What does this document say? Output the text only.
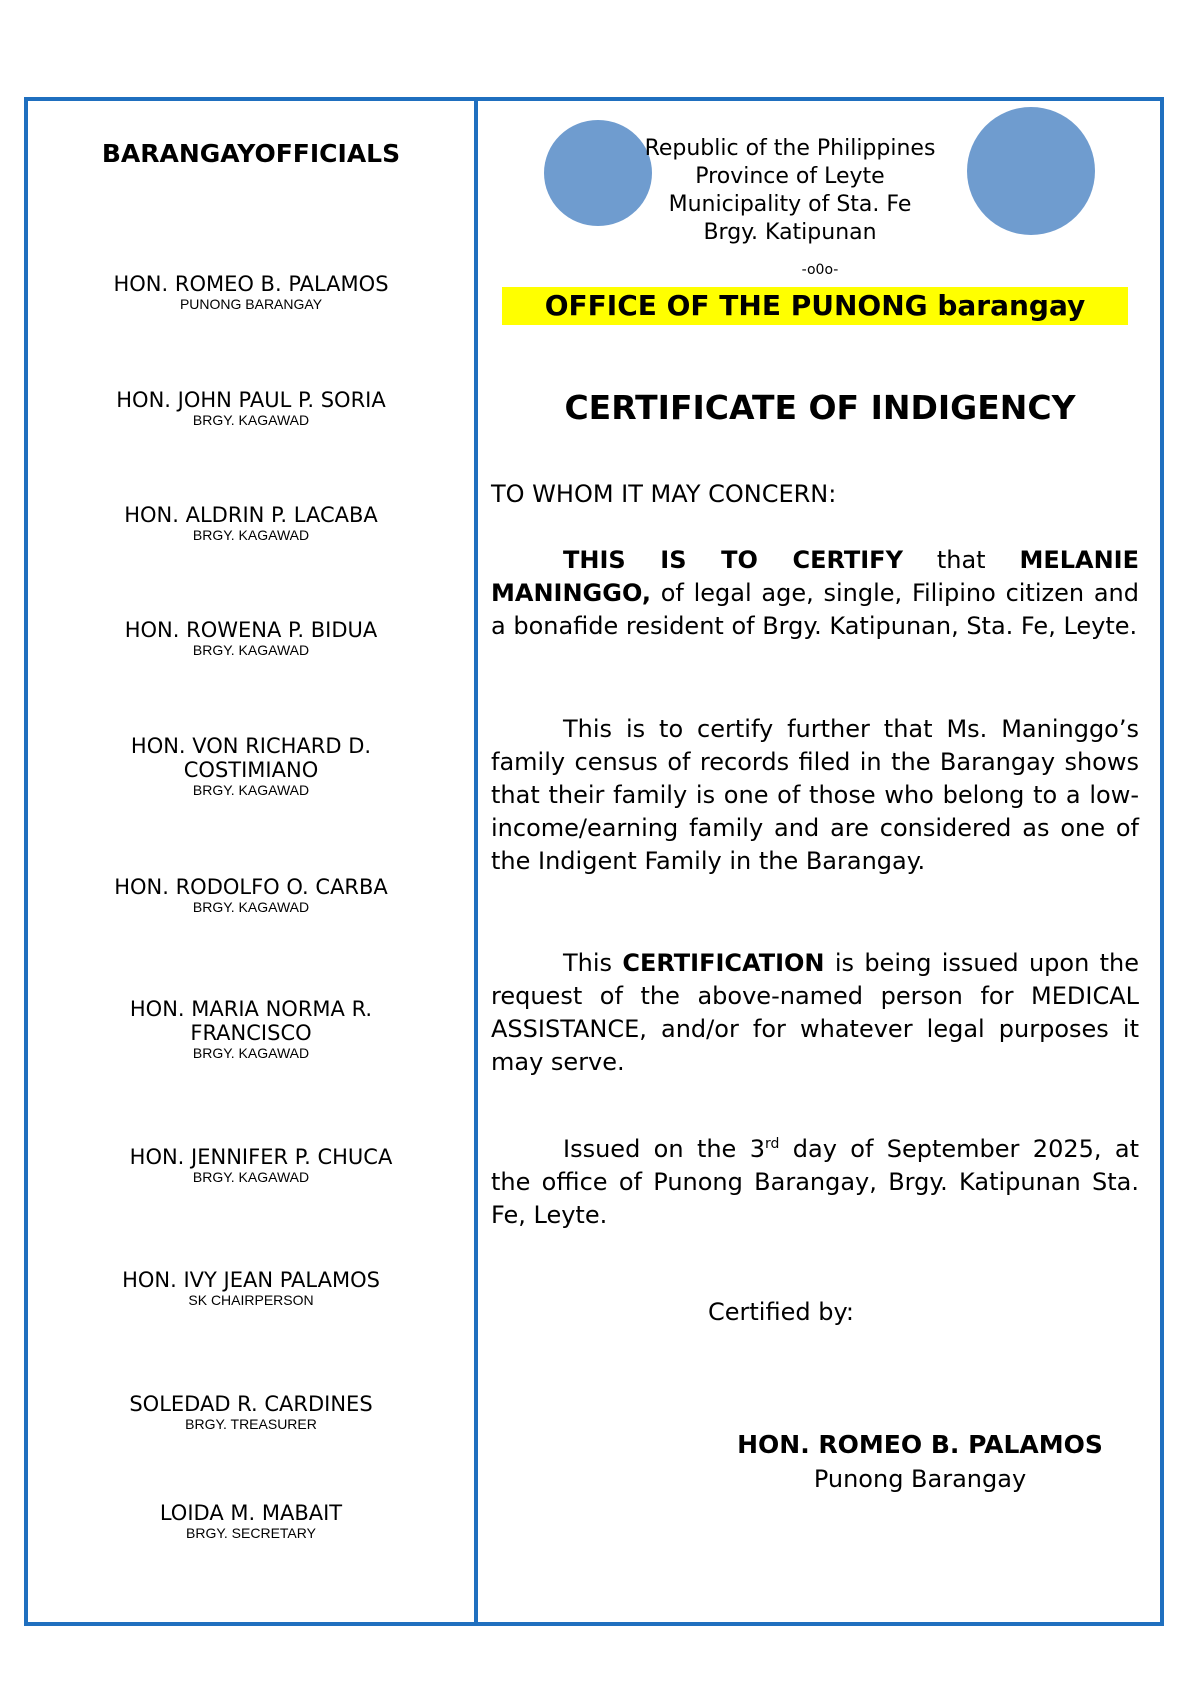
BARANGAYOFFICIALS
HON. ROMEO B. PALAMOS
PUNONG BARANGAY
HON. JOHN PAUL P. SORIA
BRGY. KAGAWAD
HON. ALDRIN P. LACABA
BRGY. KAGAWAD
HON. ROWENA P. BIDUA
BRGY. KAGAWAD
HON. VON RICHARD D.
COSTIMIANO
BRGY. KAGAWAD
HON. RODOLFO O. CARBA
BRGY. KAGAWAD
HON. MARIA NORMA R.
FRANCISCO
BRGY. KAGAWAD
HON. JENNIFER P. CHUCA
BRGY. KAGAWAD
HON. IVY JEAN PALAMOS
SK CHAIRPERSON
SOLEDAD R. CARDINES
BRGY. TREASURER
LOIDA M. MABAIT
BRGY. SECRETARY
Republic of the Philippines
Province of Leyte
Municipality of Sta. Fe
Brgy. Katipunan
-o0o-
OFFICE OF THE PUNONG barangay
CERTIFICATE OF INDIGENCY
TO WHOM IT MAY CONCERN:

THIS IS TO CERTIFY that MELANIE MANINGGO, of legal age, single, Filipino citizen and a bonafide resident of Brgy. Katipunan, Sta. Fe, Leyte.

This is to certify further that Ms. Maninggo’s family census of records filed in the Barangay shows that their family is one of those who belong to a low-income/earning family and are considered as one of the Indigent Family in the Barangay.

This CERTIFICATION is being issued upon the request of the above-named person for MEDICAL ASSISTANCE, and/or for whatever legal purposes it may serve.

Issued on the 3rd day of September 2025, at the office of Punong Barangay, Brgy. Katipunan Sta. Fe, Leyte.

Certified by:
HON. ROMEO B. PALAMOS
Punong Barangay
